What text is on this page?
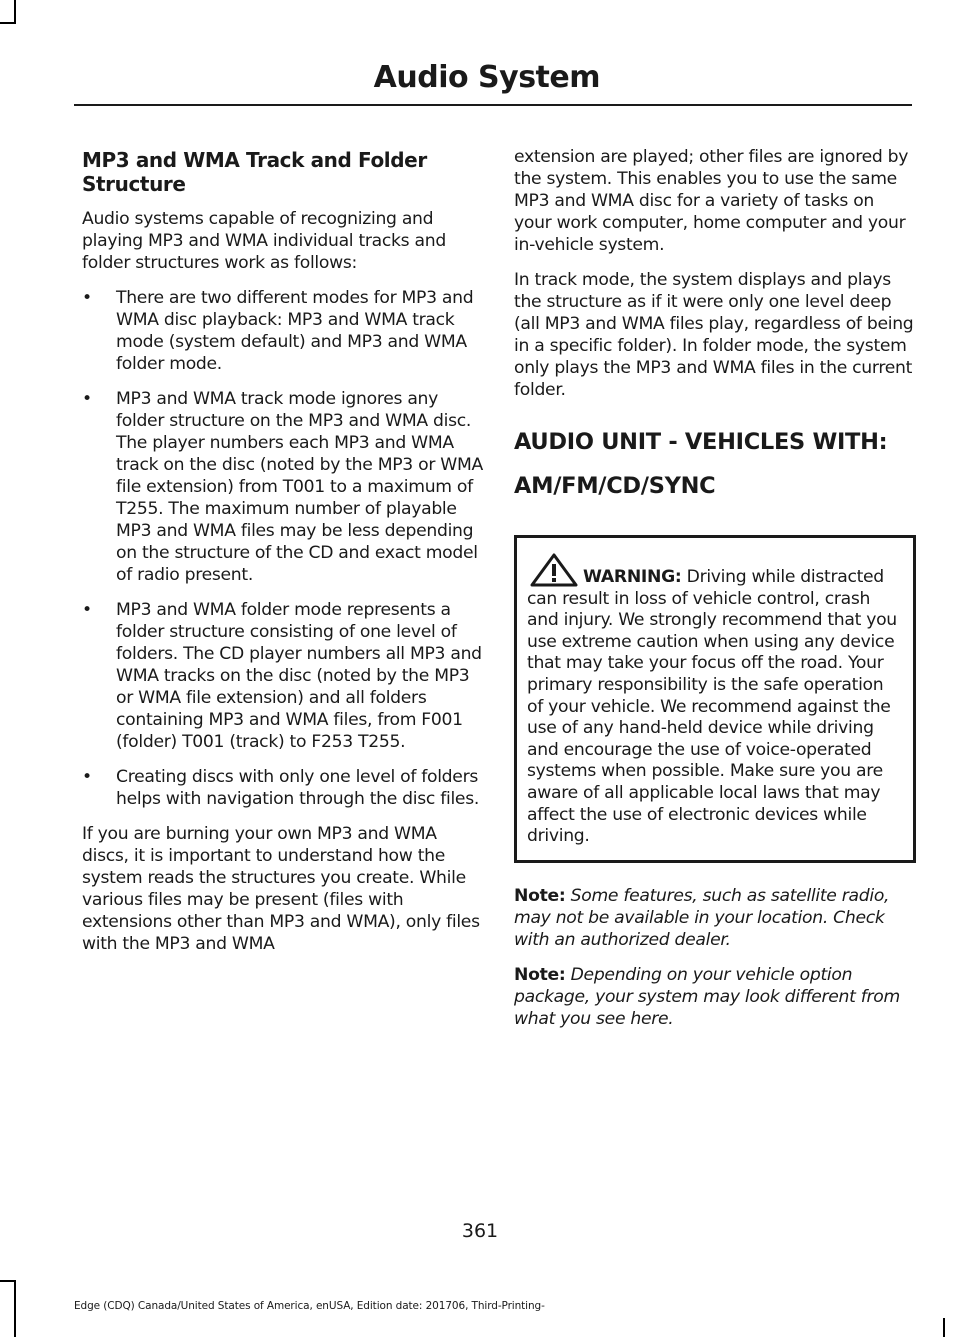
Audio System
MP3 and WMA Track and Folder Structure

Audio systems capable of recognizing and playing MP3 and WMA individual tracks and folder structures work as follows:

•	There are two different modes for MP3 and WMA disc playback: MP3 and WMA track mode (system default) and MP3 and WMA folder mode.
•	MP3 and WMA track mode ignores any folder structure on the MP3 and WMA disc. The player numbers each MP3 and WMA track on the disc (noted by the MP3 or WMA file extension) from T001 to a maximum of T255. The maximum number of playable MP3 and WMA files may be less depending on the structure of the CD and exact model of radio present.
•	MP3 and WMA folder mode represents a folder structure consisting of one level of folders. The CD player numbers all MP3 and WMA tracks on the disc (noted by the MP3 or WMA file extension) and all folders containing MP3 and WMA files, from F001 (folder) T001 (track) to F253 T255.
•	Creating discs with only one level of folders helps with navigation through the disc files.

If you are burning your own MP3 and WMA discs, it is important to understand how the system reads the structures you create. While various files may be present (files with extensions other than MP3 and WMA), only files with the MP3 and WMA

extension are played; other files are ignored by the system. This enables you to use the same MP3 and WMA disc for a variety of tasks on your work computer, home computer and your in-vehicle system.

In track mode, the system displays and plays the structure as if it were only one level deep (all MP3 and WMA files play, regardless of being in a specific folder). In folder mode, the system only plays the MP3 and WMA files in the current folder.

AUDIO UNIT - VEHICLES WITH:
AM/FM/CD/SYNC
WARNING: Driving while distracted can result in loss of vehicle control, crash and injury. We strongly recommend that you use extreme caution when using any device that may take your focus off the road. Your primary responsibility is the safe operation of your vehicle. We recommend against the use of any hand-held device while driving and encourage the use of voice-operated systems when possible. Make sure you are aware of all applicable local laws that may affect the use of electronic devices while driving.

Note: Some features, such as satellite radio, may not be available in your location. Check with an authorized dealer.

Note: Depending on your vehicle option package, your system may look different from what you see here.

361
Edge (CDQ) Canada/United States of America, enUSA, Edition date: 201706, Third-Printing-
